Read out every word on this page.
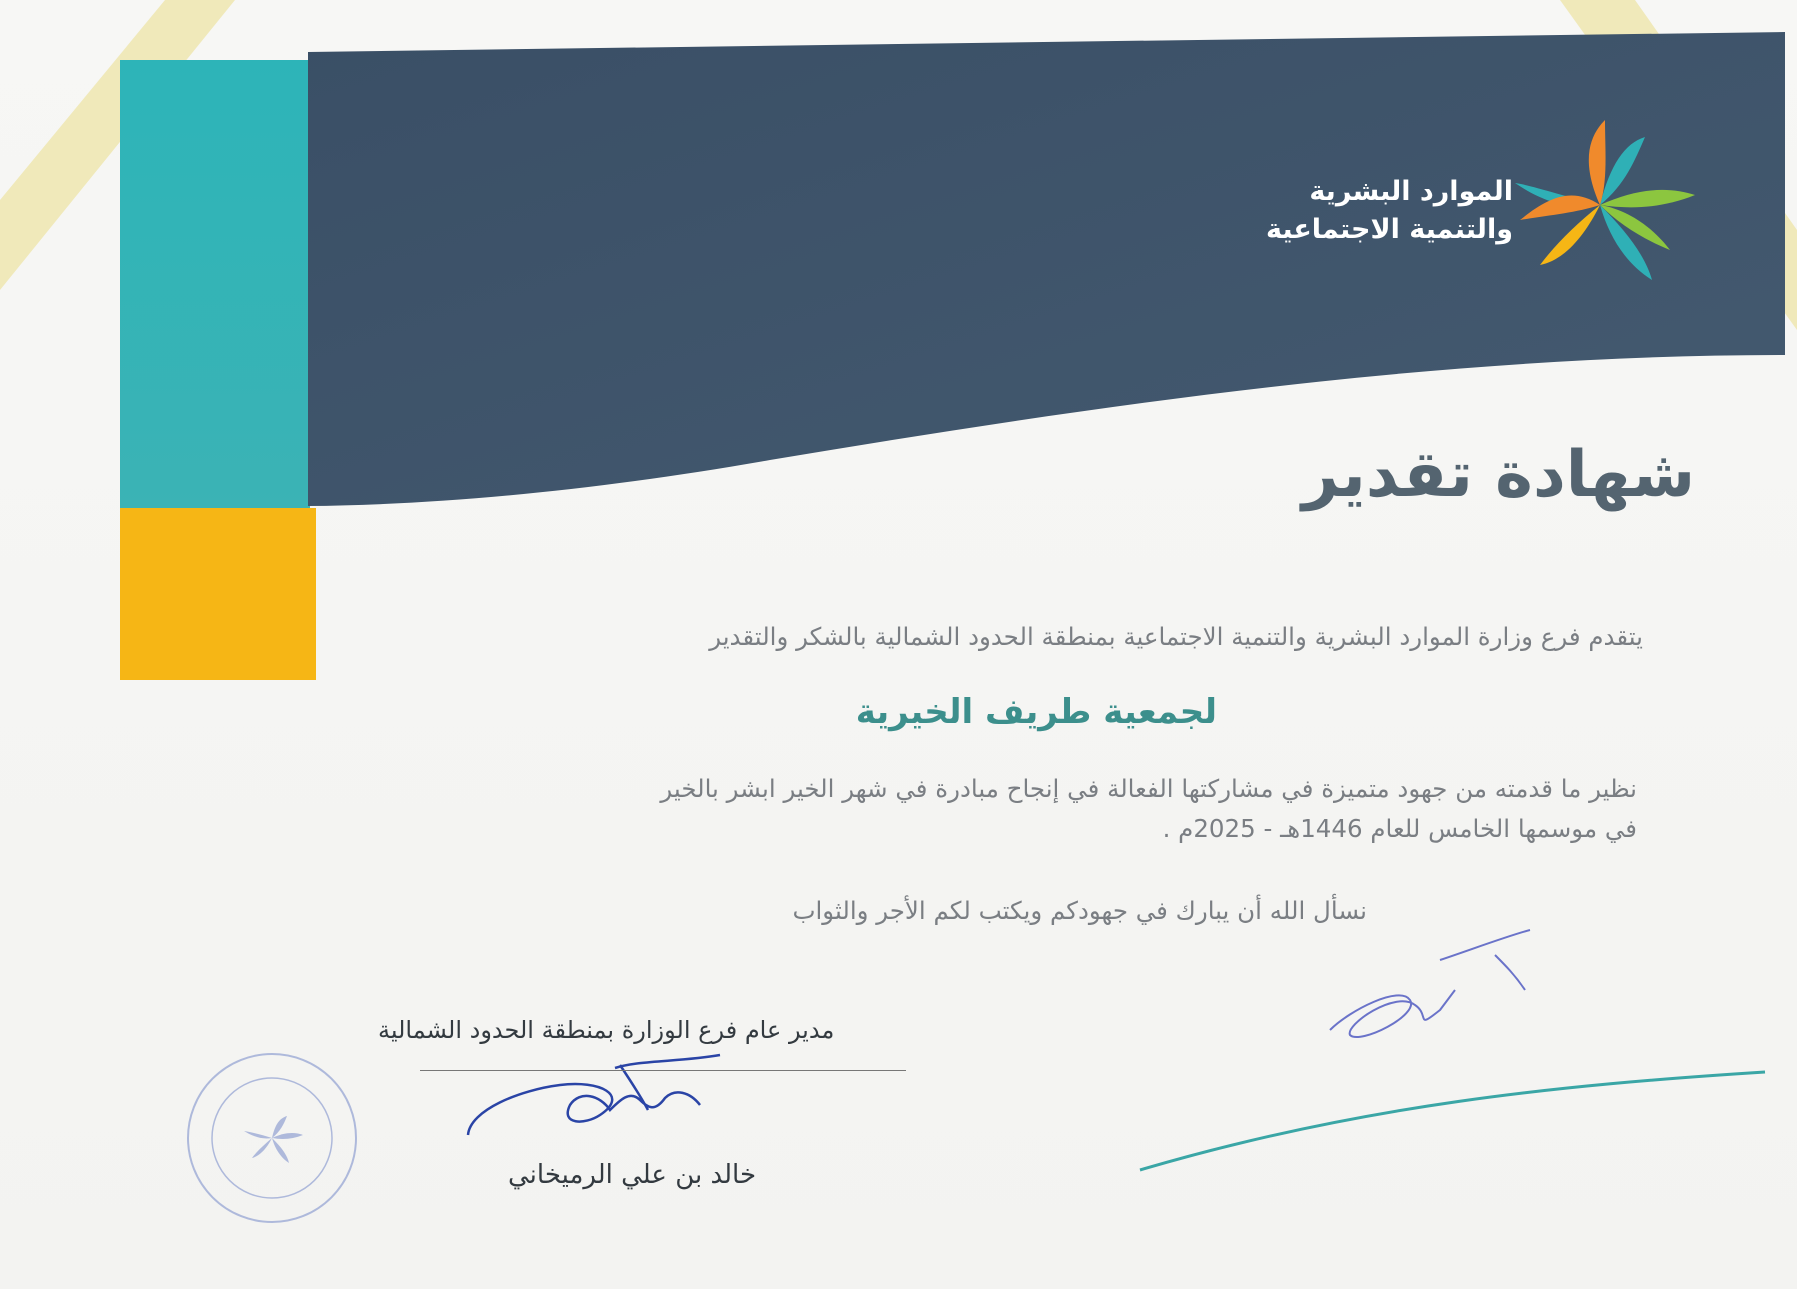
الموارد البشرية
والتنمية الاجتماعية
شهادة تقدير
يتقدم فرع وزارة الموارد البشرية والتنمية الاجتماعية بمنطقة الحدود الشمالية بالشكر والتقدير
لجمعية طريف الخيرية
نظير ما قدمته من جهود متميزة في مشاركتها الفعالة في إنجاح مبادرة في شهر الخير ابشر بالخير
في موسمها الخامس للعام 1446هـ - 2025م .
نسأل الله أن يبارك في جهودكم ويكتب لكم الأجر والثواب
مدير عام فرع الوزارة بمنطقة الحدود الشمالية
خالد بن علي الرميخاني
